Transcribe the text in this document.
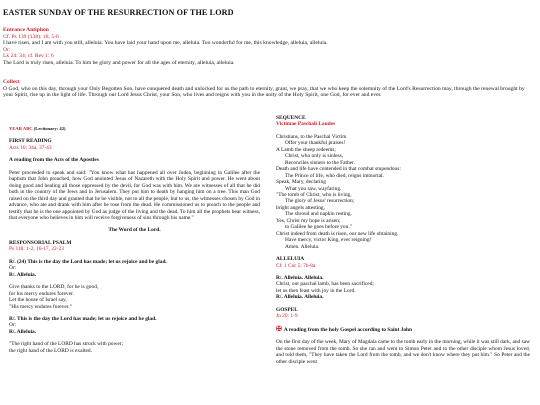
EASTER SUNDAY OF THE RESURRECTION OF THE LORD
Entrance Antiphon
Cf. Ps 139 (138): 18, 5-6
I have risen, and I am with you still, alleluia. You have laid your hand upon me, alleluia. Too wonderful for me, this knowledge, alleluia, alleluia.
Or:
Lk 24: 34; cf. Rev 1: 6
The Lord is truly risen, alleluia. To him be glory and power for all the ages of eternity, alleluia, alleluia.
Collect
O God, who on this day, through your Only Begotten Son, have conquered death and unlocked for us the path to eternity, grant, we pray, that we who keep the solemnity of the Lord's Resurrection may, through the renewal brought by your Spirit, rise up in the light of life. Through our Lord Jesus Christ, your Son, who lives and reigns with you in the unity of the Holy Spirit, one God, for ever and ever.

YEAR ABC (Lectionary: 42)

FIRST READING

Acts 10: 34a, 37-43

A reading from the Acts of the Apostles

Peter proceeded to speak and said: "You know what has happened all over Judea, beginning in Galilee after the baptism that John preached, how God anointed Jesus of Nazareth with the Holy Spirit and power. He went about doing good and healing all those oppressed by the devil, for God was with him. We are witnesses of all that he did both in the country of the Jews and in Jerusalem. They put him to death by hanging him on a tree. This man God raised on the third day and granted that he be visible, not to all the people, but to us, the witnesses chosen by God in advance, who ate and drank with him after he rose from the dead. He commissioned us to preach to the people and testify that he is the one appointed by God as judge of the living and the dead. To him all the prophets bear witness, that everyone who believes in him will receive forgiveness of sins through his name."

The Word of the Lord.

RESPONSORIAL PSALM

Ps 118: 1-2, 16-17, 22-23

R/. (24) This is the day the Lord has made; let us rejoice and be glad.

Or:

R/. Alleluia.

Give thanks to the LORD, for he is good,

for his mercy endures forever.

Let the house of Israel say,

"His mercy endures forever."

R/. This is the day the Lord has made; let us rejoice and be glad.

Or:

R/. Alleluia.

"The right hand of the LORD has struck with power;

the right hand of the LORD is exalted.

SEQUENCE

Victimae Paschali Laudes

Christians, to the Paschal Victim

Offer your thankful praises!

A Lamb the sheep redeems;

Christ, who only is sinless,

Reconciles sinners to the Father.

Death and life have contended in that combat stupendous:

The Prince of life, who died, reigns immortal.

Speak, Mary, declaring

What you saw, wayfaring.

"The tomb of Christ, who is living,

The glory of Jesus' resurrection;

bright angels attesting,

The shroud and napkin resting.

Yes, Christ my hope is arisen;

to Galilee he goes before you."

Christ indeed from death is risen, our new life obtaining.

Have mercy, victor King, ever reigning!

Amen. Alleluia.

ALLELUIA

Cf. 1 Cor 5: 7b-8a

R/. Alleluia. Alleluia.

Christ, our paschal lamb, has been sacrificed;

let us then feast with joy in the Lord.

R/. Alleluia. Alleluia.

GOSPEL

Jn 20: 1-9

✠ A reading from the holy Gospel according to Saint John

On the first day of the week, Mary of Magdala came to the tomb early in the morning, while it was still dark, and saw the stone removed from the tomb. So she ran and went to Simon Peter and to the other disciple whom Jesus loved, and told them, "They have taken the Lord from the tomb, and we don't know where they put him." So Peter and the other disciple went
